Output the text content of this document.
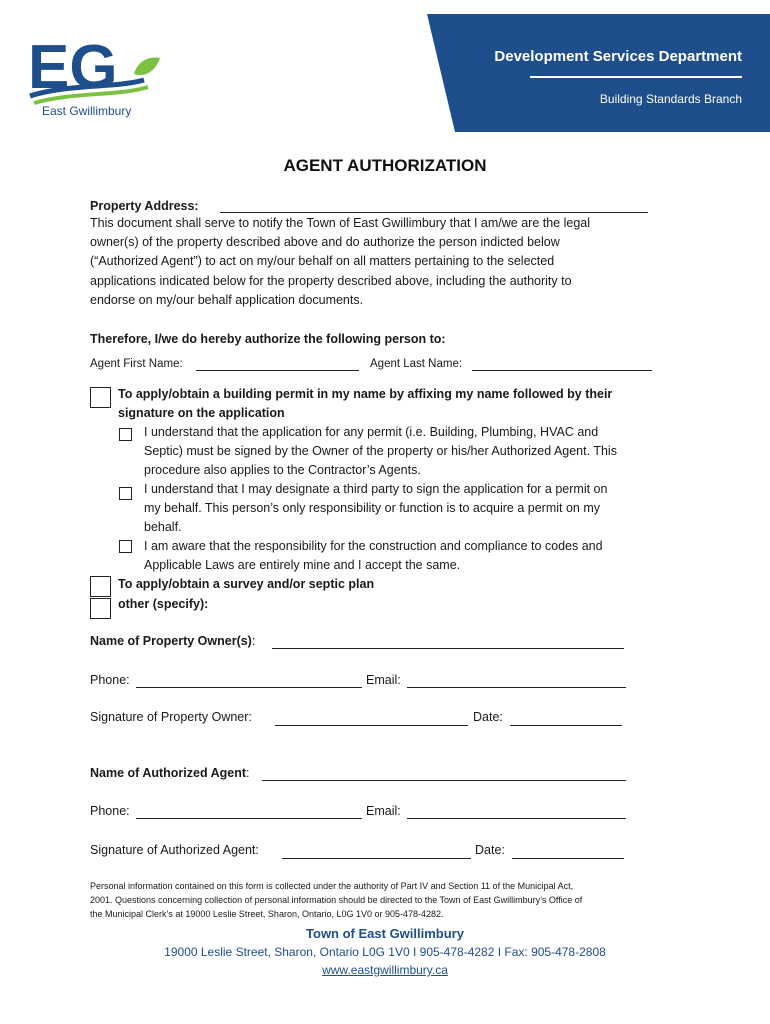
EG
East Gwillimbury
Development Services Department
Building Standards Branch
AGENT AUTHORIZATION
Property Address:
This document shall serve to notify the Town of East Gwillimbury that I am/we are the legal
owner(s) of the property described above and do authorize the person indicted below
(“Authorized Agent”) to act on my/our behalf on all matters pertaining to the selected
applications indicated below for the property described above, including the authority to
endorse on my/our behalf application documents.
Therefore, I/we do hereby authorize the following person to:
Agent First Name:	Agent Last Name:
To apply/obtain a building permit in my name by affixing my name followed by their
signature on the application
I understand that the application for any permit (i.e. Building, Plumbing, HVAC and
Septic) must be signed by the Owner of the property or his/her Authorized Agent. This
procedure also applies to the Contractor’s Agents.
I understand that I may designate a third party to sign the application for a permit on
my behalf. This person’s only responsibility or function is to acquire a permit on my
behalf.
I am aware that the responsibility for the construction and compliance to codes and
Applicable Laws are entirely mine and I accept the same.
To apply/obtain a survey and/or septic plan
other (specify):
Name of Property Owner(s):
Phone:	Email:
Signature of Property Owner:	Date:
Name of Authorized Agent:
Phone:	Email:
Signature of Authorized Agent:	Date:
Personal information contained on this form is collected under the authority of Part IV and Section 11 of the Municipal Act,
2001. Questions concerning collection of personal information should be directed to the Town of East Gwillimbury’s Office of
the Municipal Clerk’s at 19000 Leslie Street, Sharon, Ontario, L0G 1V0 or 905-478-4282.
Town of East Gwillimbury
19000 Leslie Street, Sharon, Ontario L0G 1V0 I 905-478-4282 I Fax: 905-478-2808
www.eastgwillimbury.ca
